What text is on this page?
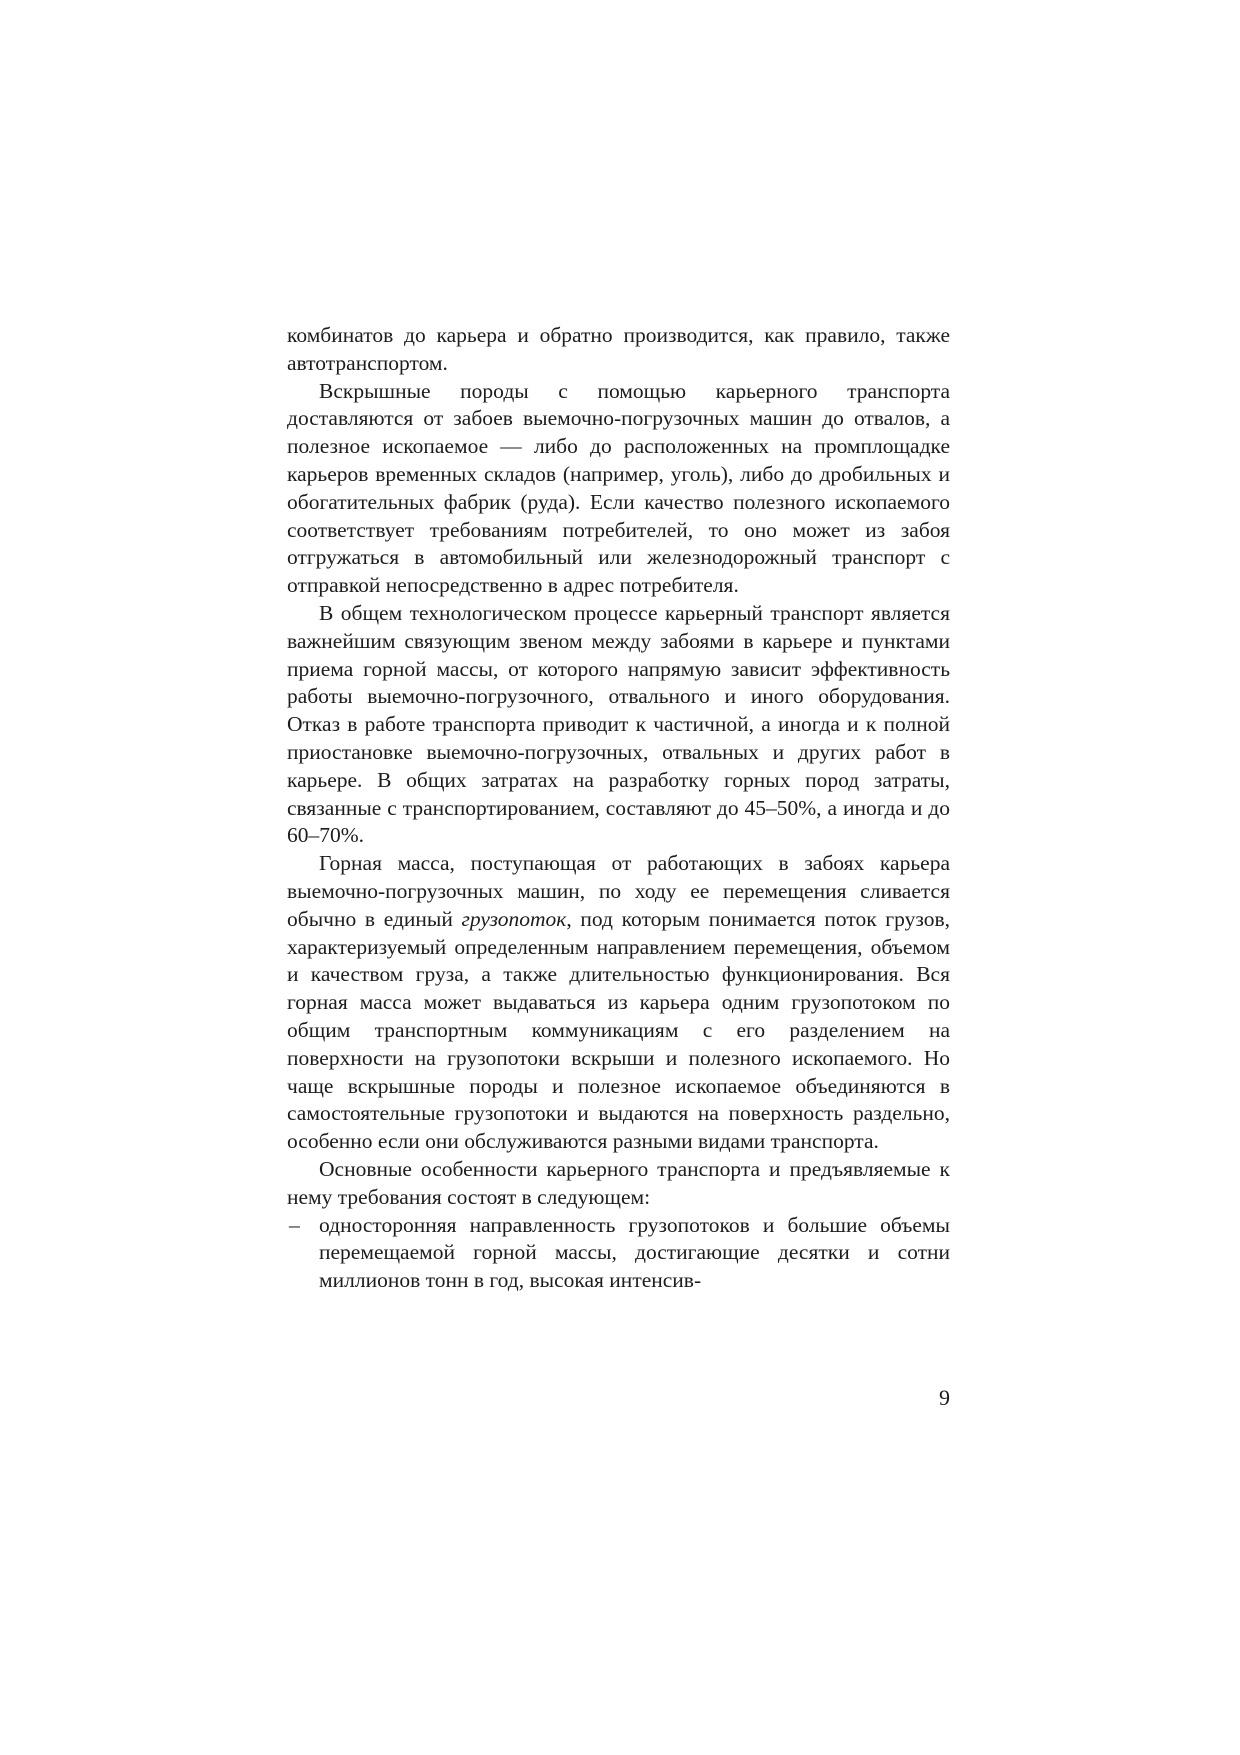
комбинатов до карьера и обратно производится, как правило, также автотранспортом.

Вскрышные породы с помощью карьерного транспорта доставляются от забоев выемочно-погрузочных машин до отвалов, а полезное ископаемое — либо до расположенных на промплощадке карьеров временных складов (например, уголь), либо до дробильных и обогатительных фабрик (руда). Если качество полезного ископаемого соответствует требованиям потребителей, то оно может из забоя отгружаться в автомобильный или железнодорожный транспорт с отправкой непосредственно в адрес потребителя.

В общем технологическом процессе карьерный транспорт является важнейшим связующим звеном между забоями в карьере и пунктами приема горной массы, от которого напрямую зависит эффективность работы выемочно-погрузочного, отвального и иного оборудования. Отказ в работе транспорта приводит к частичной, а иногда и к полной приостановке выемочно-погрузочных, отвальных и других работ в карьере. В общих затратах на разработку горных пород затраты, связанные с транспортированием, составляют до 45–50%, а иногда и до 60–70%.

Горная масса, поступающая от работающих в забоях карьера выемочно-погрузочных машин, по ходу ее перемещения сливается обычно в единый грузопоток, под которым понимается поток грузов, характеризуемый определенным направлением перемещения, объемом и качеством груза, а также длительностью функционирования. Вся горная масса может выдаваться из карьера одним грузопотоком по общим транспортным коммуникациям с его разделением на поверхности на грузопотоки вскрыши и полезного ископаемого. Но чаще вскрышные породы и полезное ископаемое объединяются в самостоятельные грузопотоки и выдаются на поверхность раздельно, особенно если они обслуживаются разными видами транспорта.

Основные особенности карьерного транспорта и предъявляемые к нему требования состоят в следующем:

– односторонняя направленность грузопотоков и большие объемы перемещаемой горной массы, достигающие десятки и сотни миллионов тонн в год, высокая интенсив-
9
